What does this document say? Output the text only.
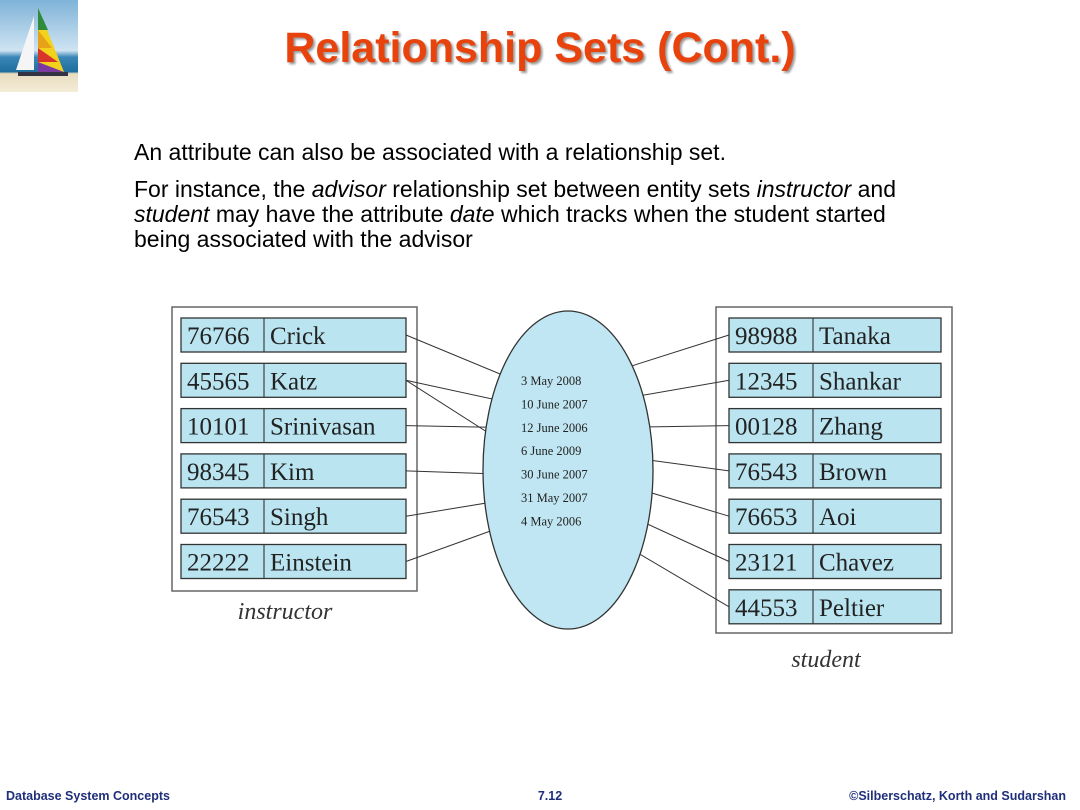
Relationship Sets (Cont.)
An attribute can also be associated with a relationship set.
For instance, the advisor relationship set between entity sets instructor and student may have the attribute date which tracks when the student started being associated with the advisor
3 May 2008
10 June 2007
12 June 2006
6 June 2009
30 June 2007
31 May 2007
4 May 2006
76766 Crick
45565 Katz
10101 Srinivasan
98345 Kim
76543 Singh
22222 Einstein
98988 Tanaka
12345 Shankar
00128 Zhang
76543 Brown
76653 Aoi
23121 Chavez
44553 Peltier
instructor
student
Database System Concepts	7.12	©Silberschatz, Korth and Sudarshan
